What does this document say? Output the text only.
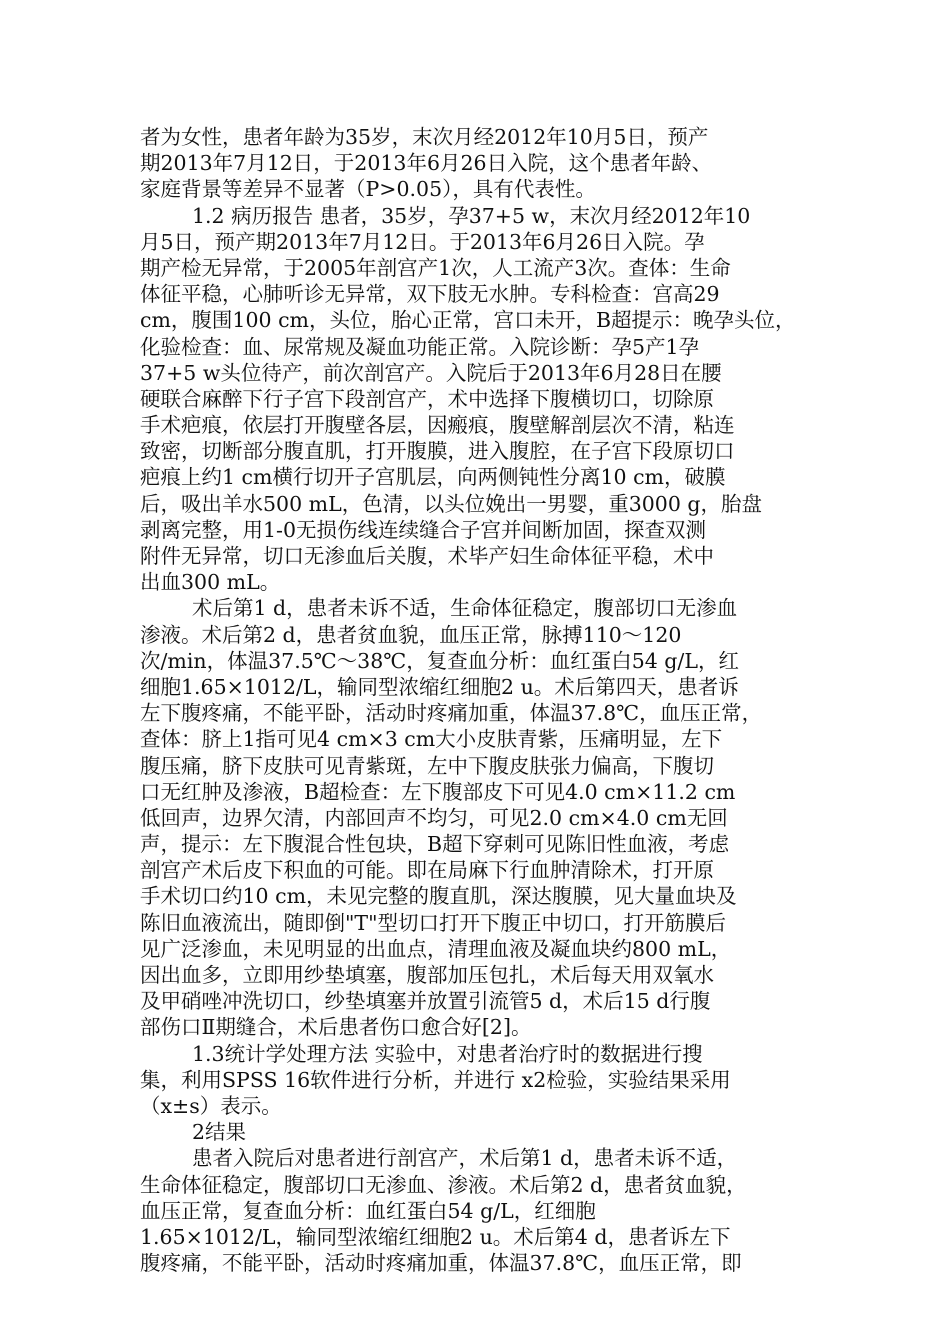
者为女性，患者年龄为35岁，末次月经2012年10月5日，预产
期2013年7月12日，于2013年6月26日入院，这个患者年龄、
家庭背景等差异不显著（P>0.05），具有代表性。
1.2 病历报告 患者，35岁，孕37+5 w，末次月经2012年10
月5日，预产期2013年7月12日。于2013年6月26日入院。孕
期产检无异常，于2005年剖宫产1次，人工流产3次。查体：生命
体征平稳，心肺听诊无异常，双下肢无水肿。专科检查：宫高29
cm，腹围100 cm，头位，胎心正常，宫口未开，B超提示：晚孕头位，
化验检查：血、尿常规及凝血功能正常。入院诊断：孕5产1孕
37+5 w头位待产，前次剖宫产。入院后于2013年6月28日在腰
硬联合麻醉下行子宫下段剖宫产，术中选择下腹横切口，切除原
手术疤痕，依层打开腹壁各层，因瘢痕，腹壁解剖层次不清，粘连
致密，切断部分腹直肌，打开腹膜，进入腹腔，在子宫下段原切口
疤痕上约1 cm横行切开子宫肌层，向两侧钝性分离10 cm，破膜
后，吸出羊水500 mL，色清，以头位娩出一男婴，重3000 g，胎盘
剥离完整，用1-0无损伤线连续缝合子宫并间断加固，探查双测
附件无异常，切口无渗血后关腹，术毕产妇生命体征平稳，术中
出血300 mL。
术后第1 d，患者未诉不适，生命体征稳定，腹部切口无渗血
渗液。术后第2 d，患者贫血貌，血压正常，脉搏110～120
次/min，体温37.5℃～38℃，复查血分析：血红蛋白54 g/L，红
细胞1.65×1012/L，输同型浓缩红细胞2 u。术后第四天，患者诉
左下腹疼痛，不能平卧，活动时疼痛加重，体温37.8℃，血压正常，
查体：脐上1指可见4 cm×3 cm大小皮肤青紫，压痛明显，左下
腹压痛，脐下皮肤可见青紫斑，左中下腹皮肤张力偏高，下腹切
口无红肿及渗液，B超检查：左下腹部皮下可见4.0 cm×11.2 cm
低回声，边界欠清，内部回声不均匀，可见2.0 cm×4.0 cm无回
声，提示：左下腹混合性包块，B超下穿刺可见陈旧性血液，考虑
剖宫产术后皮下积血的可能。即在局麻下行血肿清除术，打开原
手术切口约10 cm，未见完整的腹直肌，深达腹膜，见大量血块及
陈旧血液流出，随即倒"T"型切口打开下腹正中切口，打开筋膜后
见广泛渗血，未见明显的出血点，清理血液及凝血块约800 mL，
因出血多，立即用纱垫填塞，腹部加压包扎，术后每天用双氧水
及甲硝唑冲洗切口，纱垫填塞并放置引流管5 d，术后15 d行腹
部伤口Ⅱ期缝合，术后患者伤口愈合好[2]。
1.3统计学处理方法 实验中，对患者治疗时的数据进行搜
集，利用SPSS 16软件进行分析，并进行 x2检验，实验结果采用
（x±s）表示。
2结果
患者入院后对患者进行剖宫产，术后第1 d，患者未诉不适，
生命体征稳定，腹部切口无渗血、渗液。术后第2 d，患者贫血貌，
血压正常，复查血分析：血红蛋白54 g/L，红细胞
1.65×1012/L，输同型浓缩红细胞2 u。术后第4 d，患者诉左下
腹疼痛，不能平卧，活动时疼痛加重，体温37.8℃，血压正常，即
